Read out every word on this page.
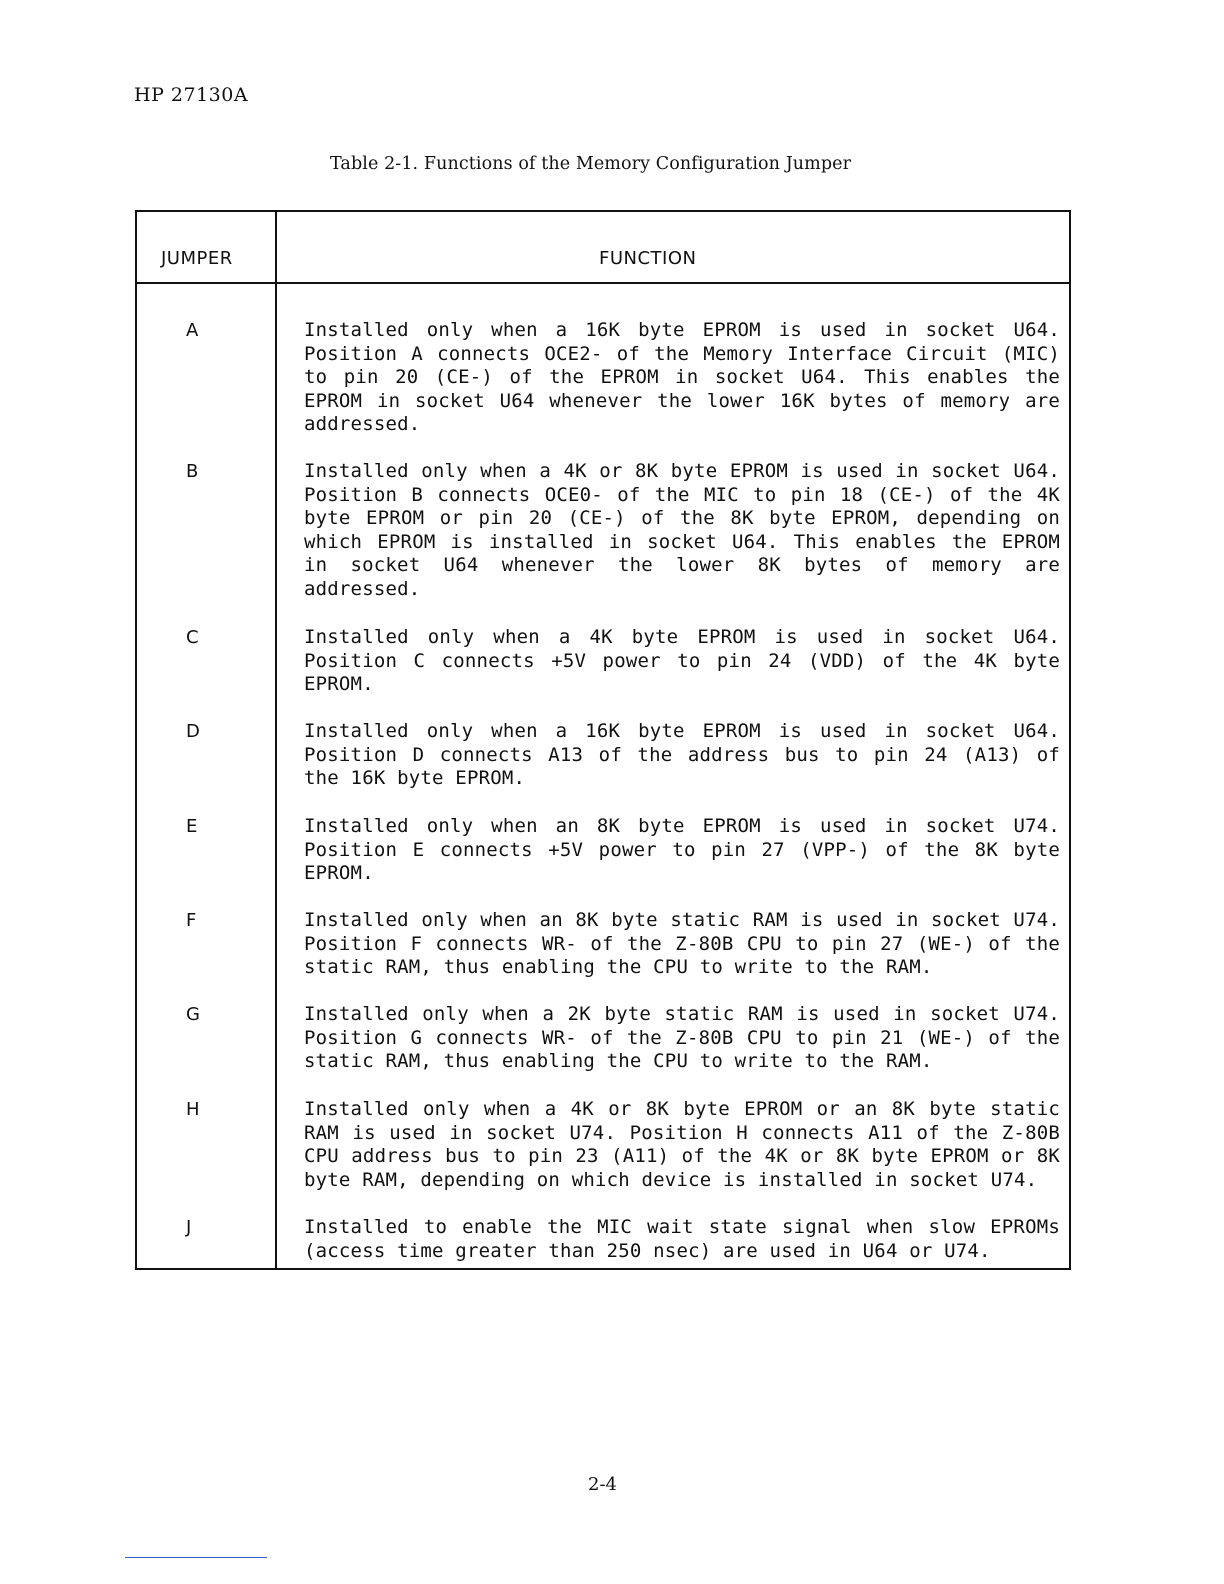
HP 27130A
Table 2-1. Functions of the Memory Configuration Jumper
JUMPER	FUNCTION
A	Installed only when a 16K byte EPROM is used in socket U64. Position A connects OCE2- of the Memory Interface Circuit (MIC) to pin 20 (CE-) of the EPROM in socket U64. This enables the EPROM in socket U64 whenever the lower 16K bytes of memory are addressed.
B	Installed only when a 4K or 8K byte EPROM is used in socket U64. Position B connects OCE0- of the MIC to pin 18 (CE-) of the 4K byte EPROM or pin 20 (CE-) of the 8K byte EPROM, depending on which EPROM is installed in socket U64. This enables the EPROM in socket U64 whenever the lower 8K bytes of memory are addressed.
C	Installed only when a 4K byte EPROM is used in socket U64. Position C connects +5V power to pin 24 (VDD) of the 4K byte EPROM.
D	Installed only when a 16K byte EPROM is used in socket U64. Position D connects A13 of the address bus to pin 24 (A13) of the 16K byte EPROM.
E	Installed only when an 8K byte EPROM is used in socket U74. Position E connects +5V power to pin 27 (VPP-) of the 8K byte EPROM.
F	Installed only when an 8K byte static RAM is used in socket U74. Position F connects WR- of the Z-80B CPU to pin 27 (WE-) of the static RAM, thus enabling the CPU to write to the RAM.
G	Installed only when a 2K byte static RAM is used in socket U74. Position G connects WR- of the Z-80B CPU to pin 21 (WE-) of the static RAM, thus enabling the CPU to write to the RAM.
H	Installed only when a 4K or 8K byte EPROM or an 8K byte static RAM is used in socket U74. Position H connects A11 of the Z-80B CPU address bus to pin 23 (A11) of the 4K or 8K byte EPROM or 8K byte RAM, depending on which device is installed in socket U74.
J	Installed to enable the MIC wait state signal when slow EPROMs (access time greater than 250 nsec) are used in U64 or U74.
2-4
